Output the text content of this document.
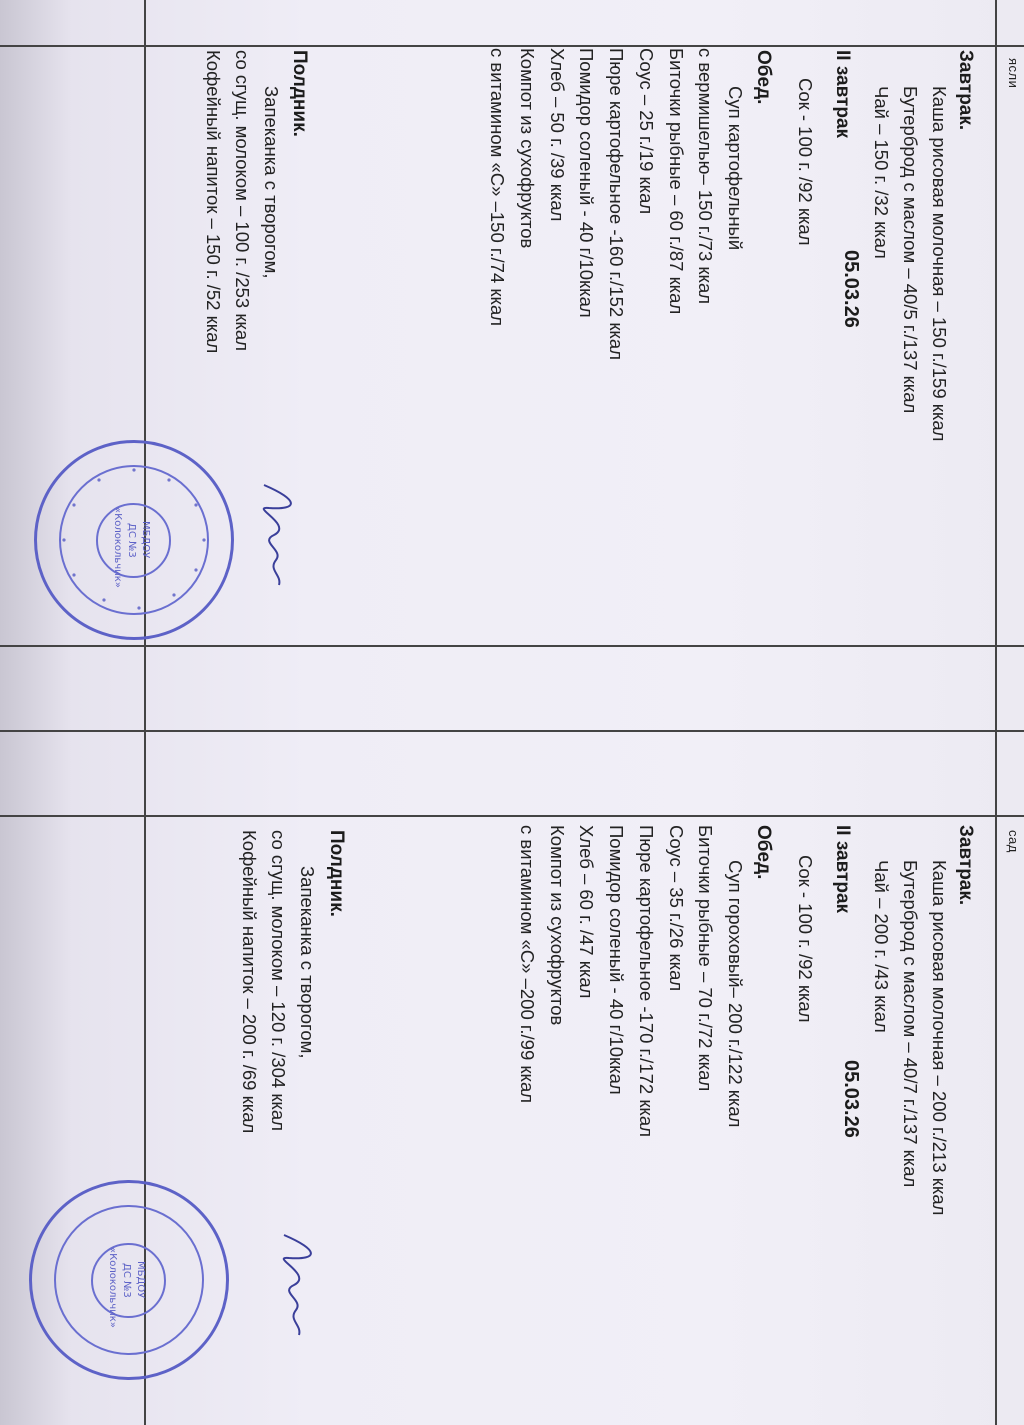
ясли
05.03.26
Завтрак.
Каша рисовая молочная – 150 г./159 ккал
Бутерброд с маслом – 40/5 г./137 ккал
Чай – 150 г. /32 ккал
II завтрак
Сок - 100 г. /92 ккал
Обед.
Суп картофельный
с вермишелью– 150 г./73 ккал
Биточки рыбные – 60 г./87 ккал
Соус – 25 г./19 ккал
Пюре картофельное -160 г./152 ккал
Помидор соленый - 40 г/10ккал
Хлеб – 50 г. /39 ккал
Компот из сухофруктов
с витамином «С» –150 г./74 ккал
Полдник.
Запеканка с творогом,
со сгущ. молоком – 100 г. /253 ккал
Кофейный напиток – 150 г. /52 ккал
сад
05.03.26
Завтрак.
Каша рисовая молочная – 200 г./213 ккал
Бутерброд с маслом – 40/7 г./137 ккал
Чай – 200 г. /43 ккал
II завтрак
Сок - 100 г. /92 ккал
Обед.
Суп гороховый– 200 г./122 ккал
Биточки рыбные – 70 г./72 ккал
Соус – 35 г./26 ккал
Пюре картофельное -170 г./172 ккал
Помидор соленый - 40 г/10ккал
Хлеб – 60 г. /47 ккал
Компот из сухофруктов
с витамином «С» –200 г./99 ккал
Полдник.
Запеканка с творогом,
со сгущ. молоком – 120 г. /304 ккал
Кофейный напиток – 200 г. /69 ккал
МБДОУ
ДС №3
«Колокольчик»
МБДОУ
ДС №3
«Колокольчик»
